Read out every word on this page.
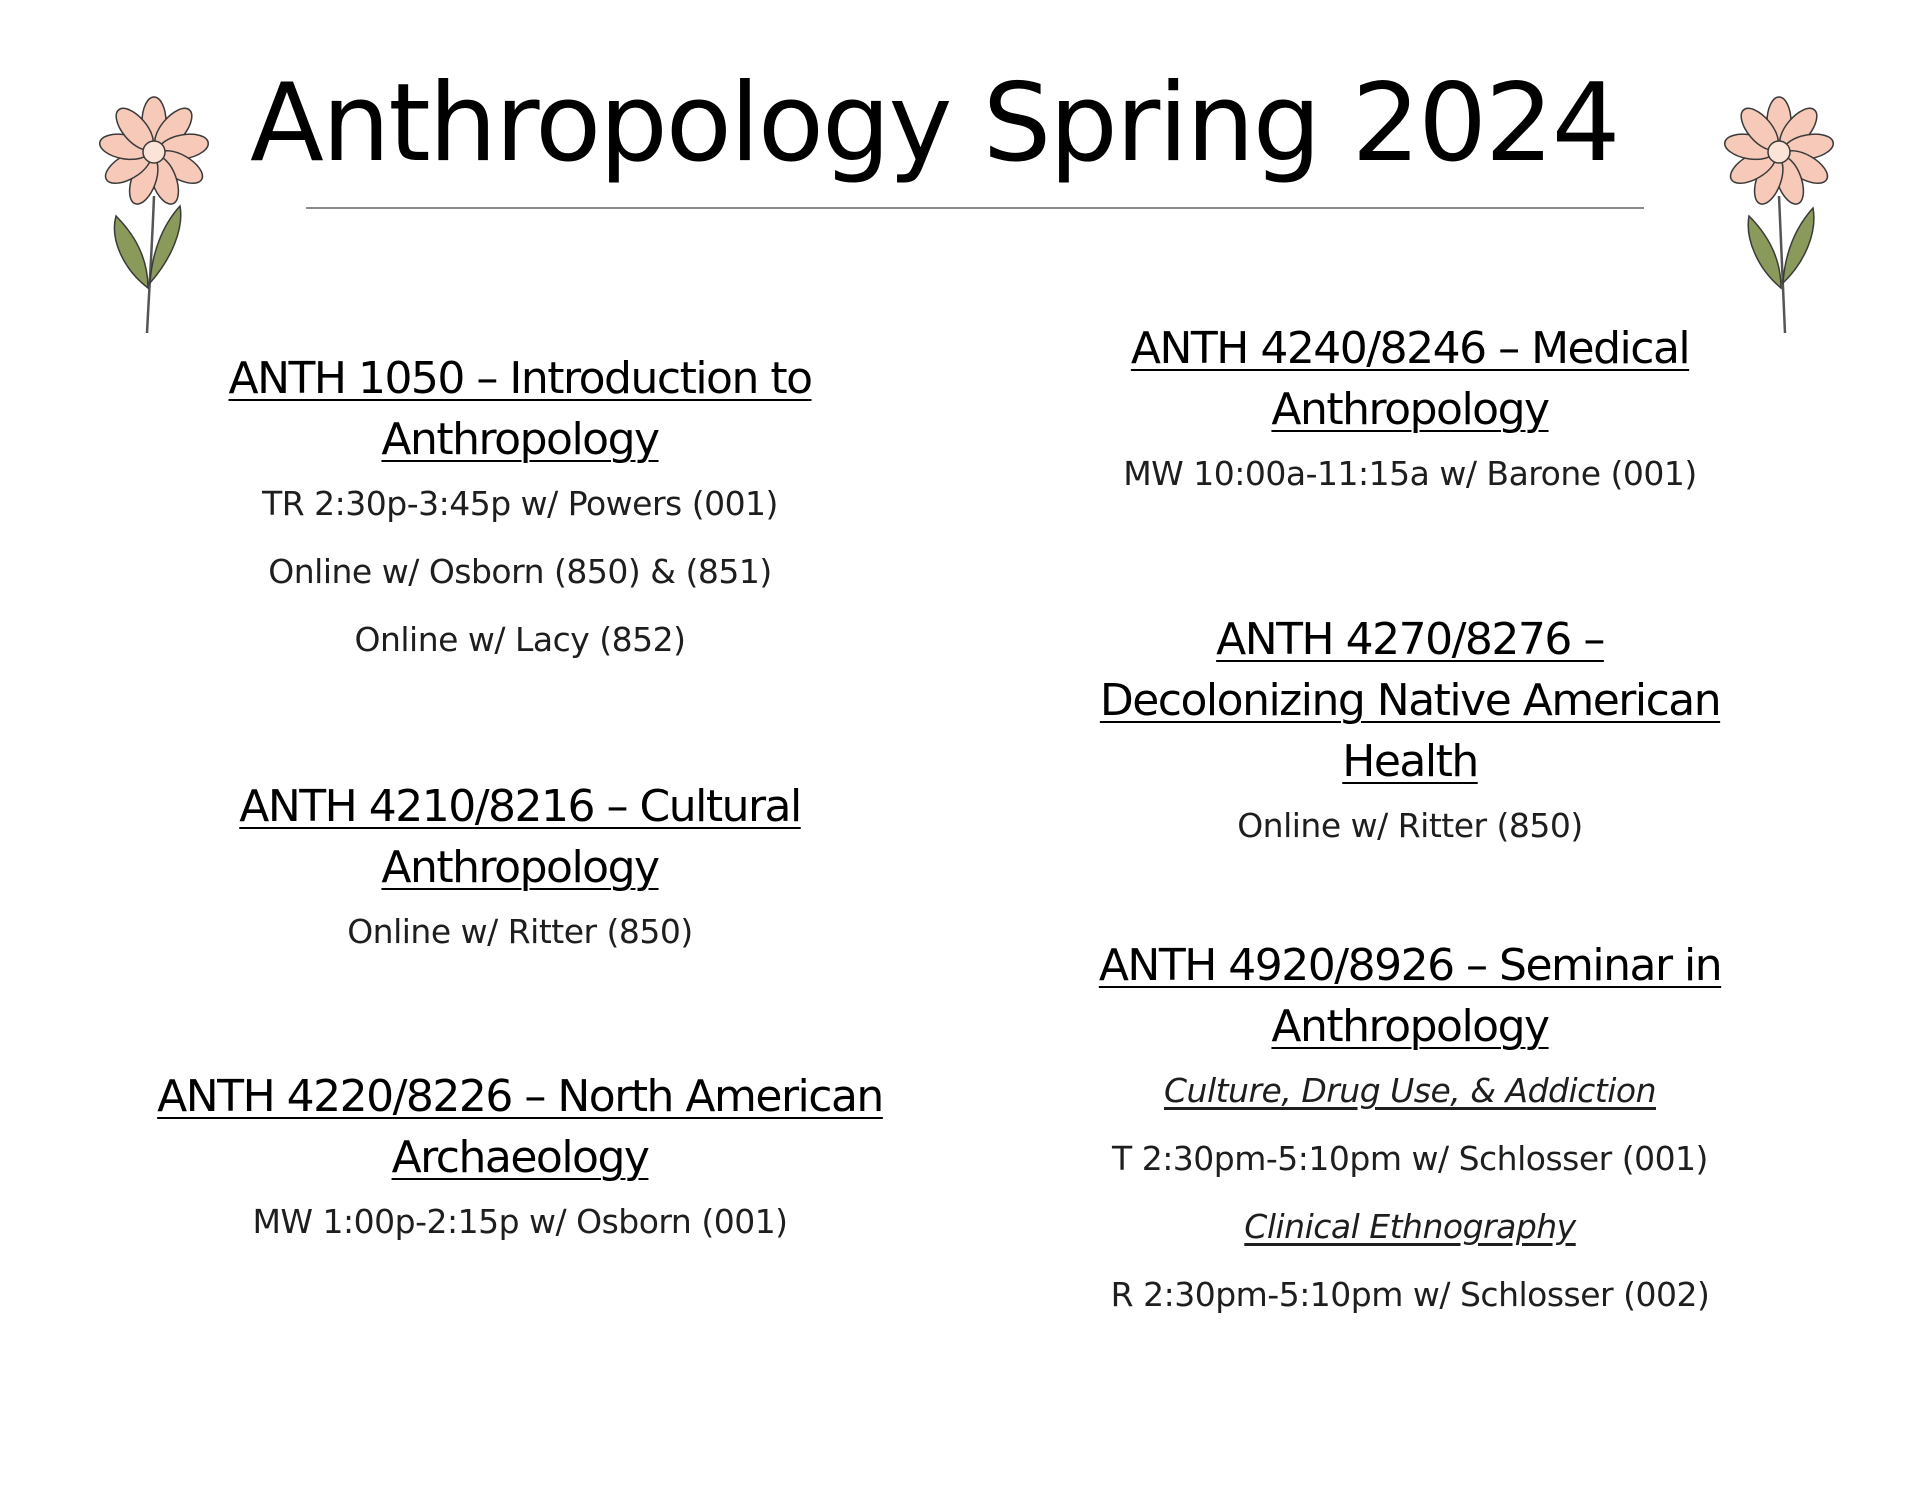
Anthropology Spring 2024
ANTH 1050 – Introduction to
Anthropology
TR 2:30p-3:45p w/ Powers (001)
Online w/ Osborn (850) & (851)
Online w/ Lacy (852)
ANTH 4210/8216 – Cultural
Anthropology
Online w/ Ritter (850)
ANTH 4220/8226 – North American
Archaeology
MW 1:00p-2:15p w/ Osborn (001)
ANTH 4240/8246 – Medical
Anthropology
MW 10:00a-11:15a w/ Barone (001)
ANTH 4270/8276 –
Decolonizing Native American
Health
Online w/ Ritter (850)
ANTH 4920/8926 – Seminar in
Anthropology
Culture, Drug Use, & Addiction
T 2:30pm-5:10pm w/ Schlosser (001)
Clinical Ethnography
R 2:30pm-5:10pm w/ Schlosser (002)
